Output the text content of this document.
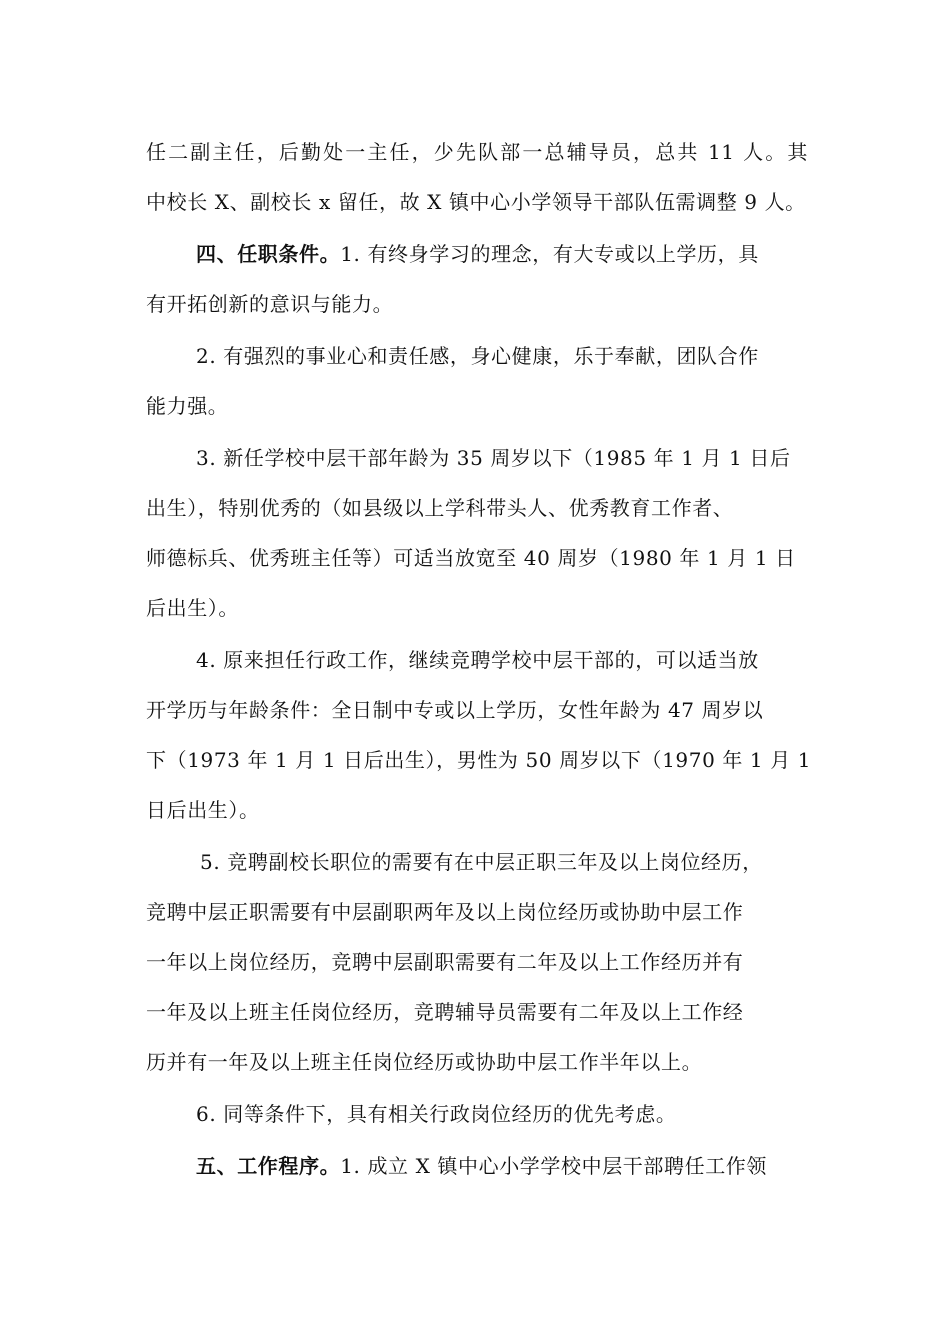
任二副主任，后勤处一主任，少先队部一总辅导员，总共 11 人。其
中校长 X、副校长 x 留任，故 X 镇中心小学领导干部队伍需调整 9 人。
四、任职条件。1. 有终身学习的理念，有大专或以上学历，具
有开拓创新的意识与能力。
2. 有强烈的事业心和责任感，身心健康，乐于奉献，团队合作
能力强。
3. 新任学校中层干部年龄为 35 周岁以下（1985 年 1 月 1 日后
出生），特别优秀的（如县级以上学科带头人、优秀教育工作者、
师德标兵、优秀班主任等）可适当放宽至 40 周岁（1980 年 1 月 1 日
后出生）。
4. 原来担任行政工作，继续竞聘学校中层干部的，可以适当放
开学历与年龄条件：全日制中专或以上学历，女性年龄为 47 周岁以
下（1973 年 1 月 1 日后出生），男性为 50 周岁以下（1970 年 1 月 1
日后出生）。
5. 竞聘副校长职位的需要有在中层正职三年及以上岗位经历，
竞聘中层正职需要有中层副职两年及以上岗位经历或协助中层工作
一年以上岗位经历，竞聘中层副职需要有二年及以上工作经历并有
一年及以上班主任岗位经历，竞聘辅导员需要有二年及以上工作经
历并有一年及以上班主任岗位经历或协助中层工作半年以上。
6. 同等条件下，具有相关行政岗位经历的优先考虑。
五、工作程序。1. 成立 X 镇中心小学学校中层干部聘任工作领
